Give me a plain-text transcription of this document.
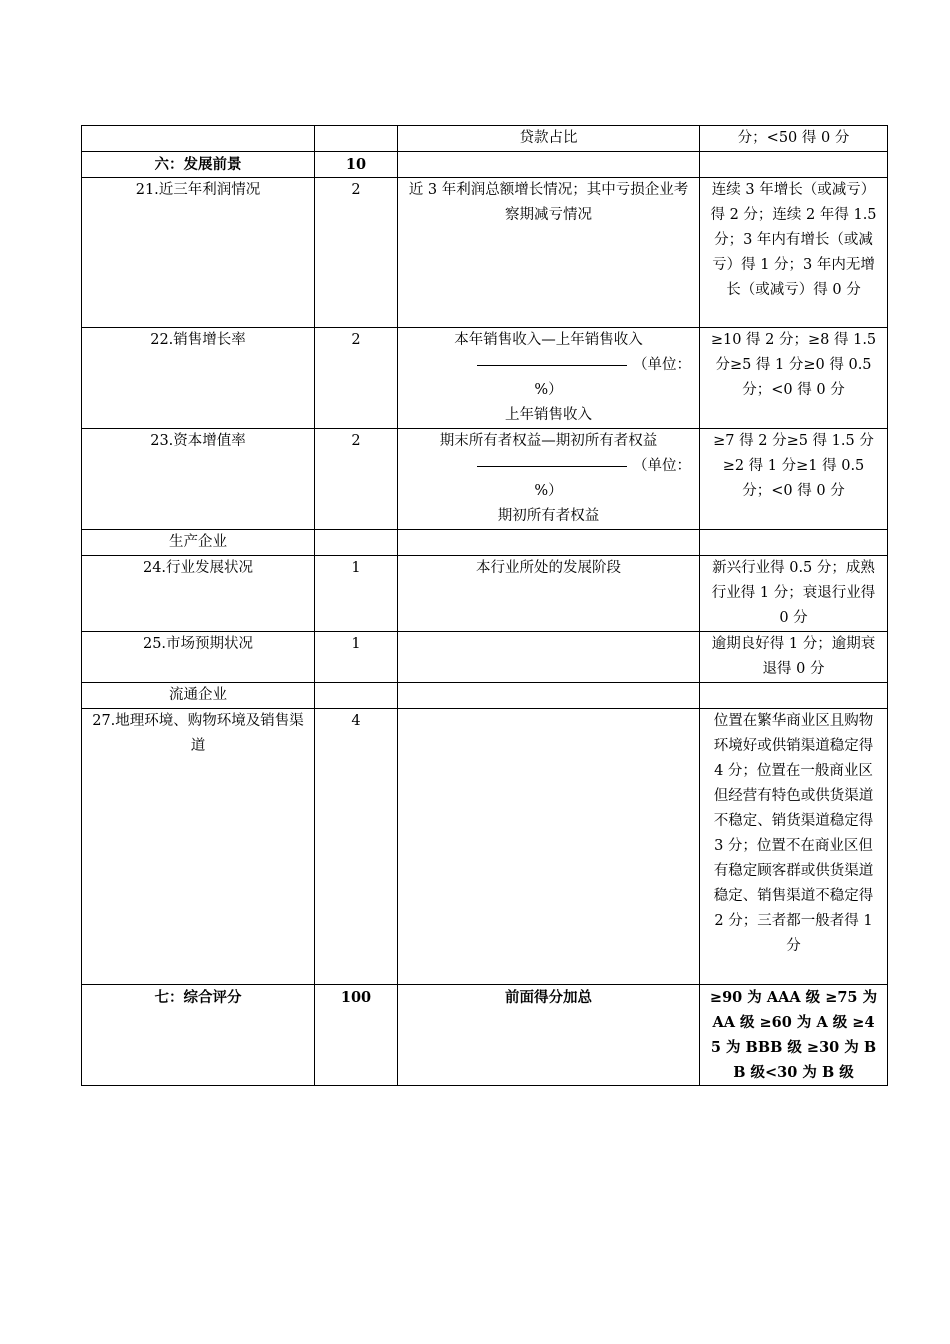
		贷款占比	分；<50 得 0 分
六：发展前景	10		
21.近三年利润情况	2	近 3 年利润总额增长情况；其中亏损企业考察期减亏情况	连续 3 年增长（或减亏）得 2 分；连续 2 年得 1.5 分；3 年内有增长（或减亏）得 1 分；3 年内无增长（或减亏）得 0 分
22.销售增长率	2	本年销售收入—上年销售收入
（单位：
%）
上年销售收入	≥10 得 2 分；≥8 得 1.5 分≥5 得 1 分≥0 得 0.5 分；<0 得 0 分
23.资本增值率	2	期末所有者权益—期初所有者权益
（单位：
%）
期初所有者权益	≥7 得 2 分≥5 得 1.5 分≥2 得 1 分≥1 得 0.5 分；<0 得 0 分
生产企业			
24.行业发展状况	1	本行业所处的发展阶段	新兴行业得 0.5 分；成熟行业得 1 分；衰退行业得 0 分
25.市场预期状况	1		逾期良好得 1 分；逾期衰退得 0 分
流通企业			
27.地理环境、购物环境及销售渠道	4		位置在繁华商业区且购物环境好或供销渠道稳定得 4 分；位置在一般商业区但经营有特色或供货渠道不稳定、销货渠道稳定得 3 分；位置不在商业区但有稳定顾客群或供货渠道稳定、销售渠道不稳定得 2 分；三者都一般者得 1 分
七：综合评分	100	前面得分加总	≥90 为 AAA 级 ≥75 为 AA 级 ≥60 为 A 级 ≥45 为 BBB 级 ≥30 为 BB 级<30 为 B 级
